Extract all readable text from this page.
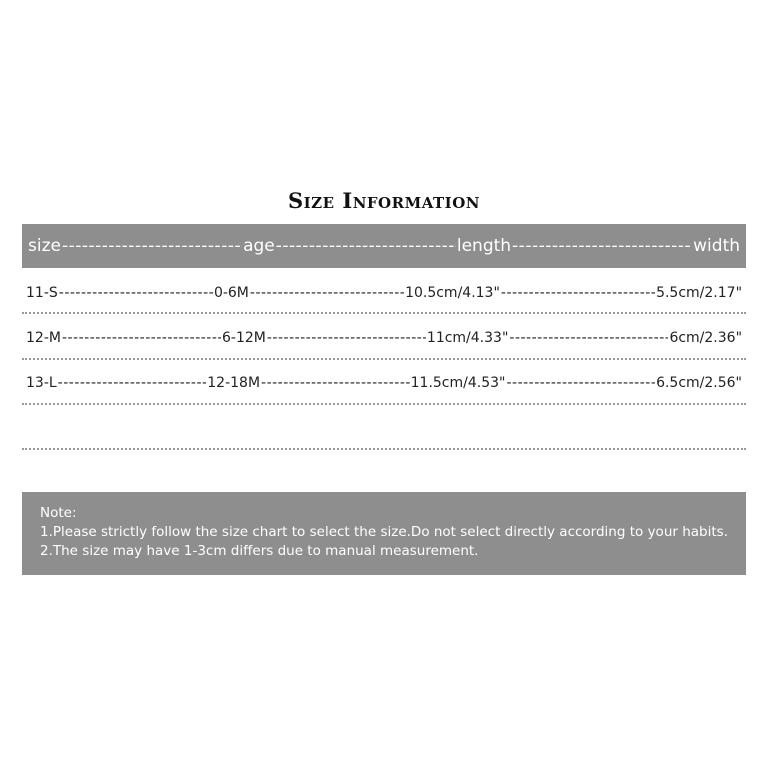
Size Information
size -----	age -----	length -----	width
11-S -----	0-6M -----	10.5cm/4.13" -----	5.5cm/2.17"
12-M -----	6-12M -----	11cm/4.33" -----	6cm/2.36"
13-L -----	12-18M -----	11.5cm/4.53" -----	6.5cm/2.56"
Note:
1.Please strictly follow the size chart to select the size.Do not select directly according to your habits.
2.The size may have 1-3cm differs due to manual measurement.
